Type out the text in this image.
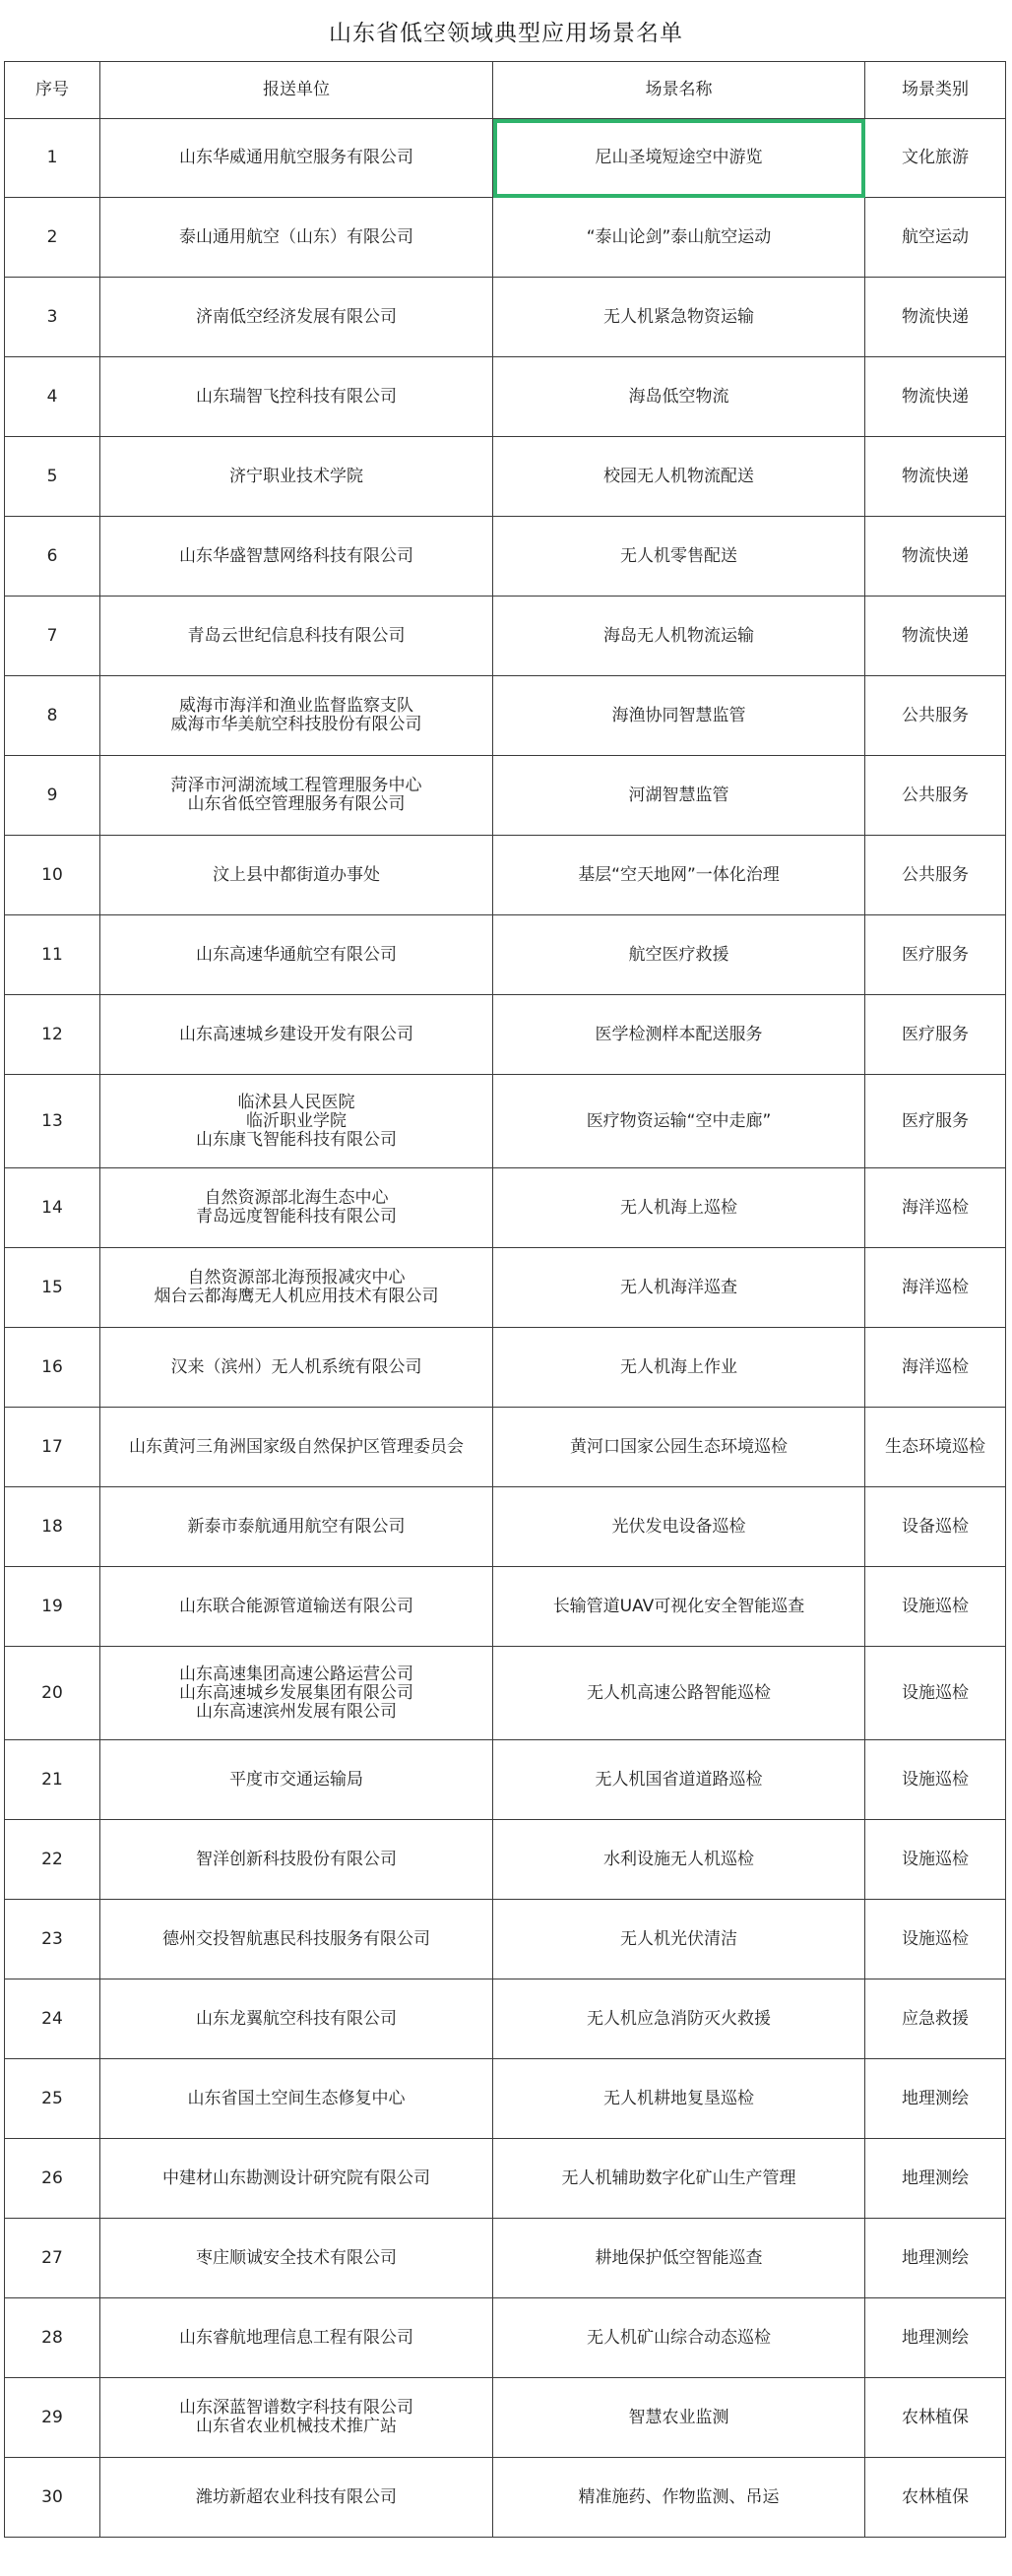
山东省低空领域典型应用场景名单
序号	报送单位	场景名称	场景类别
1	山东华威通用航空服务有限公司	尼山圣境短途空中游览	文化旅游
2	泰山通用航空（山东）有限公司	“泰山论剑”泰山航空运动	航空运动
3	济南低空经济发展有限公司	无人机紧急物资运输	物流快递
4	山东瑞智飞控科技有限公司	海岛低空物流	物流快递
5	济宁职业技术学院	校园无人机物流配送	物流快递
6	山东华盛智慧网络科技有限公司	无人机零售配送	物流快递
7	青岛云世纪信息科技有限公司	海岛无人机物流运输	物流快递
8	威海市海洋和渔业监督监察支队
威海市华美航空科技股份有限公司	海渔协同智慧监管	公共服务
9	菏泽市河湖流域工程管理服务中心
山东省低空管理服务有限公司	河湖智慧监管	公共服务
10	汶上县中都街道办事处	基层“空天地网”一体化治理	公共服务
11	山东高速华通航空有限公司	航空医疗救援	医疗服务
12	山东高速城乡建设开发有限公司	医学检测样本配送服务	医疗服务
13	临沭县人民医院
临沂职业学院
山东康飞智能科技有限公司	医疗物资运输“空中走廊”	医疗服务
14	自然资源部北海生态中心
青岛远度智能科技有限公司	无人机海上巡检	海洋巡检
15	自然资源部北海预报减灾中心
烟台云都海鹰无人机应用技术有限公司	无人机海洋巡查	海洋巡检
16	汉来（滨州）无人机系统有限公司	无人机海上作业	海洋巡检
17	山东黄河三角洲国家级自然保护区管理委员会	黄河口国家公园生态环境巡检	生态环境巡检
18	新泰市泰航通用航空有限公司	光伏发电设备巡检	设备巡检
19	山东联合能源管道输送有限公司	长输管道UAV可视化安全智能巡查	设施巡检
20	山东高速集团高速公路运营公司
山东高速城乡发展集团有限公司
山东高速滨州发展有限公司	无人机高速公路智能巡检	设施巡检
21	平度市交通运输局	无人机国省道道路巡检	设施巡检
22	智洋创新科技股份有限公司	水利设施无人机巡检	设施巡检
23	德州交投智航惠民科技服务有限公司	无人机光伏清洁	设施巡检
24	山东龙翼航空科技有限公司	无人机应急消防灭火救援	应急救援
25	山东省国土空间生态修复中心	无人机耕地复垦巡检	地理测绘
26	中建材山东勘测设计研究院有限公司	无人机辅助数字化矿山生产管理	地理测绘
27	枣庄顺诚安全技术有限公司	耕地保护低空智能巡查	地理测绘
28	山东睿航地理信息工程有限公司	无人机矿山综合动态巡检	地理测绘
29	山东深蓝智谱数字科技有限公司
山东省农业机械技术推广站	智慧农业监测	农林植保
30	潍坊新超农业科技有限公司	精准施药、作物监测、吊运	农林植保
